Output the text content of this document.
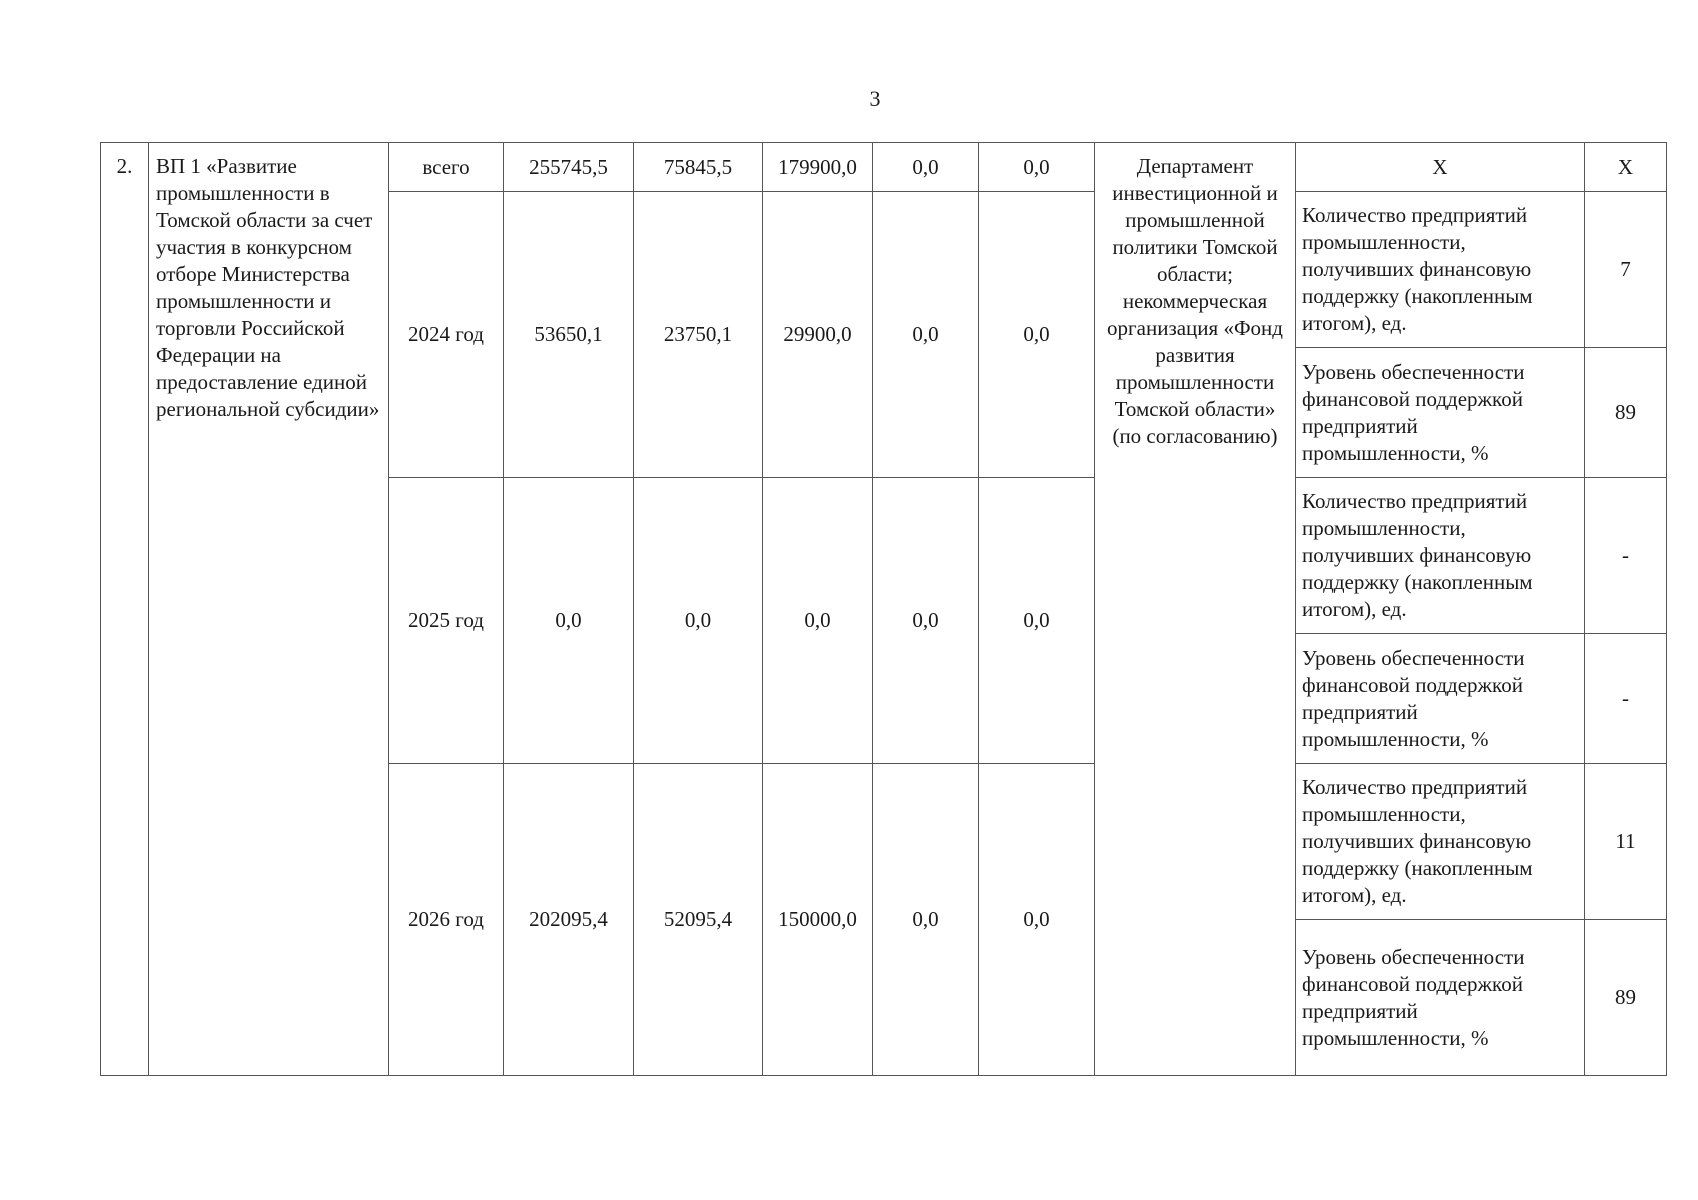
3
2.	ВП 1 «Развитие промышленности в Томской области за счет участия в конкурсном отборе Министерства промышленности и торговли Российской Федерации на предоставление единой региональной субсидии»	всего	255745,5	75845,5	179900,0	0,0	0,0	Департамент инвестиционной и промышленной политики Томской области; некоммерческая организация «Фонд развития промышленности Томской области» (по согласованию)	Х	Х
		2024 год	53650,1	23750,1	29900,0	0,0	0,0		Количество предприятий промышленности, получивших финансовую поддержку (накопленным итогом), ед.	7
									Уровень обеспеченности финансовой поддержкой предприятий промышленности, %	89
		2025 год	0,0	0,0	0,0	0,0	0,0		Количество предприятий промышленности, получивших финансовую поддержку (накопленным итогом), ед.	-
									Уровень обеспеченности финансовой поддержкой предприятий промышленности, %	-
		2026 год	202095,4	52095,4	150000,0	0,0	0,0		Количество предприятий промышленности, получивших финансовую поддержку (накопленным итогом), ед.	11
									Уровень обеспеченности финансовой поддержкой предприятий промышленности, %	89
